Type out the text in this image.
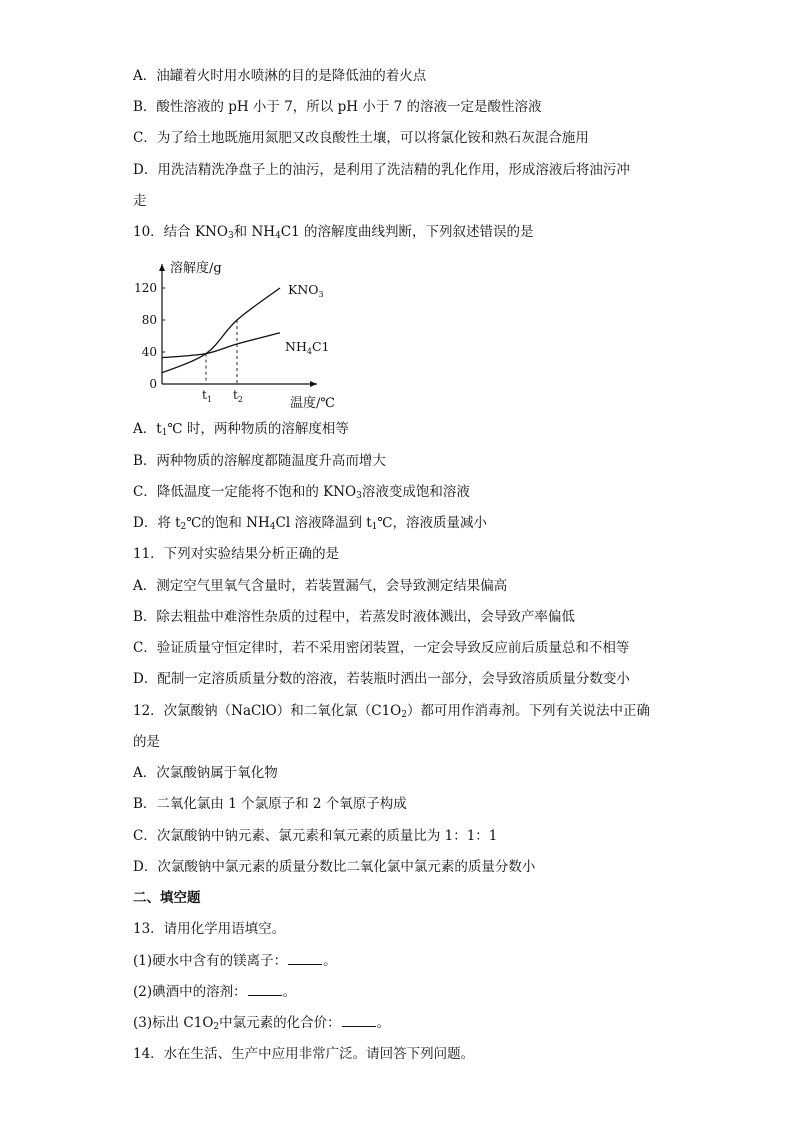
A．油罐着火时用水喷淋的目的是降低油的着火点
B．酸性溶液的 pH 小于 7，所以 pH 小于 7 的溶液一定是酸性溶液
C．为了给土地既施用氮肥又改良酸性土壤，可以将氯化铵和熟石灰混合施用
D．用洗洁精洗净盘子上的油污，是利用了洗洁精的乳化作用，形成溶液后将油污冲
走
10．结合 $KNO_3$和 $NH_4C1$ 的溶解度曲线判断，下列叙述错误的是
溶解度/g
温度/℃
120
80
40
0
$t_1$ $t_2$
$KNO_3$
$NH_4C1$
A．$t_1℃$ 时，两种物质的溶解度相等
B．两种物质的溶解度都随温度升高而增大
C．降低温度一定能将不饱和的 $KNO_3$溶液变成饱和溶液
D．将 $t_2℃$的饱和 $NH_4Cl$ 溶液降温到 $t_1℃$，溶液质量减小
11．下列对实验结果分析正确的是
A．测定空气里氧气含量时，若装置漏气，会导致测定结果偏高
B．除去粗盐中难溶性杂质的过程中，若蒸发时液体溅出，会导致产率偏低
C．验证质量守恒定律时，若不采用密闭装置，一定会导致反应前后质量总和不相等
D．配制一定溶质质量分数的溶液，若装瓶时洒出一部分，会导致溶质质量分数变小
12．次氯酸钠（NaClO）和二氧化氯$(C1O_2)$都可用作消毒剂。下列有关说法中正确
的是
A．次氯酸钠属于氧化物
B．二氧化氯由 1 个氯原子和 2 个氧原子构成
C．次氯酸钠中钠元素、氯元素和氧元素的质量比为 1：1：1
D．次氯酸钠中氯元素的质量分数比二氧化氯中氯元素的质量分数小
二、填空题
13．请用化学用语填空。
(1)硬水中含有的镁离子：	。
(2)碘酒中的溶剂：	。
(3)标出 $C1O_2$中氯元素的化合价：	。
14．水在生活、生产中应用非常广泛。请回答下列问题。
